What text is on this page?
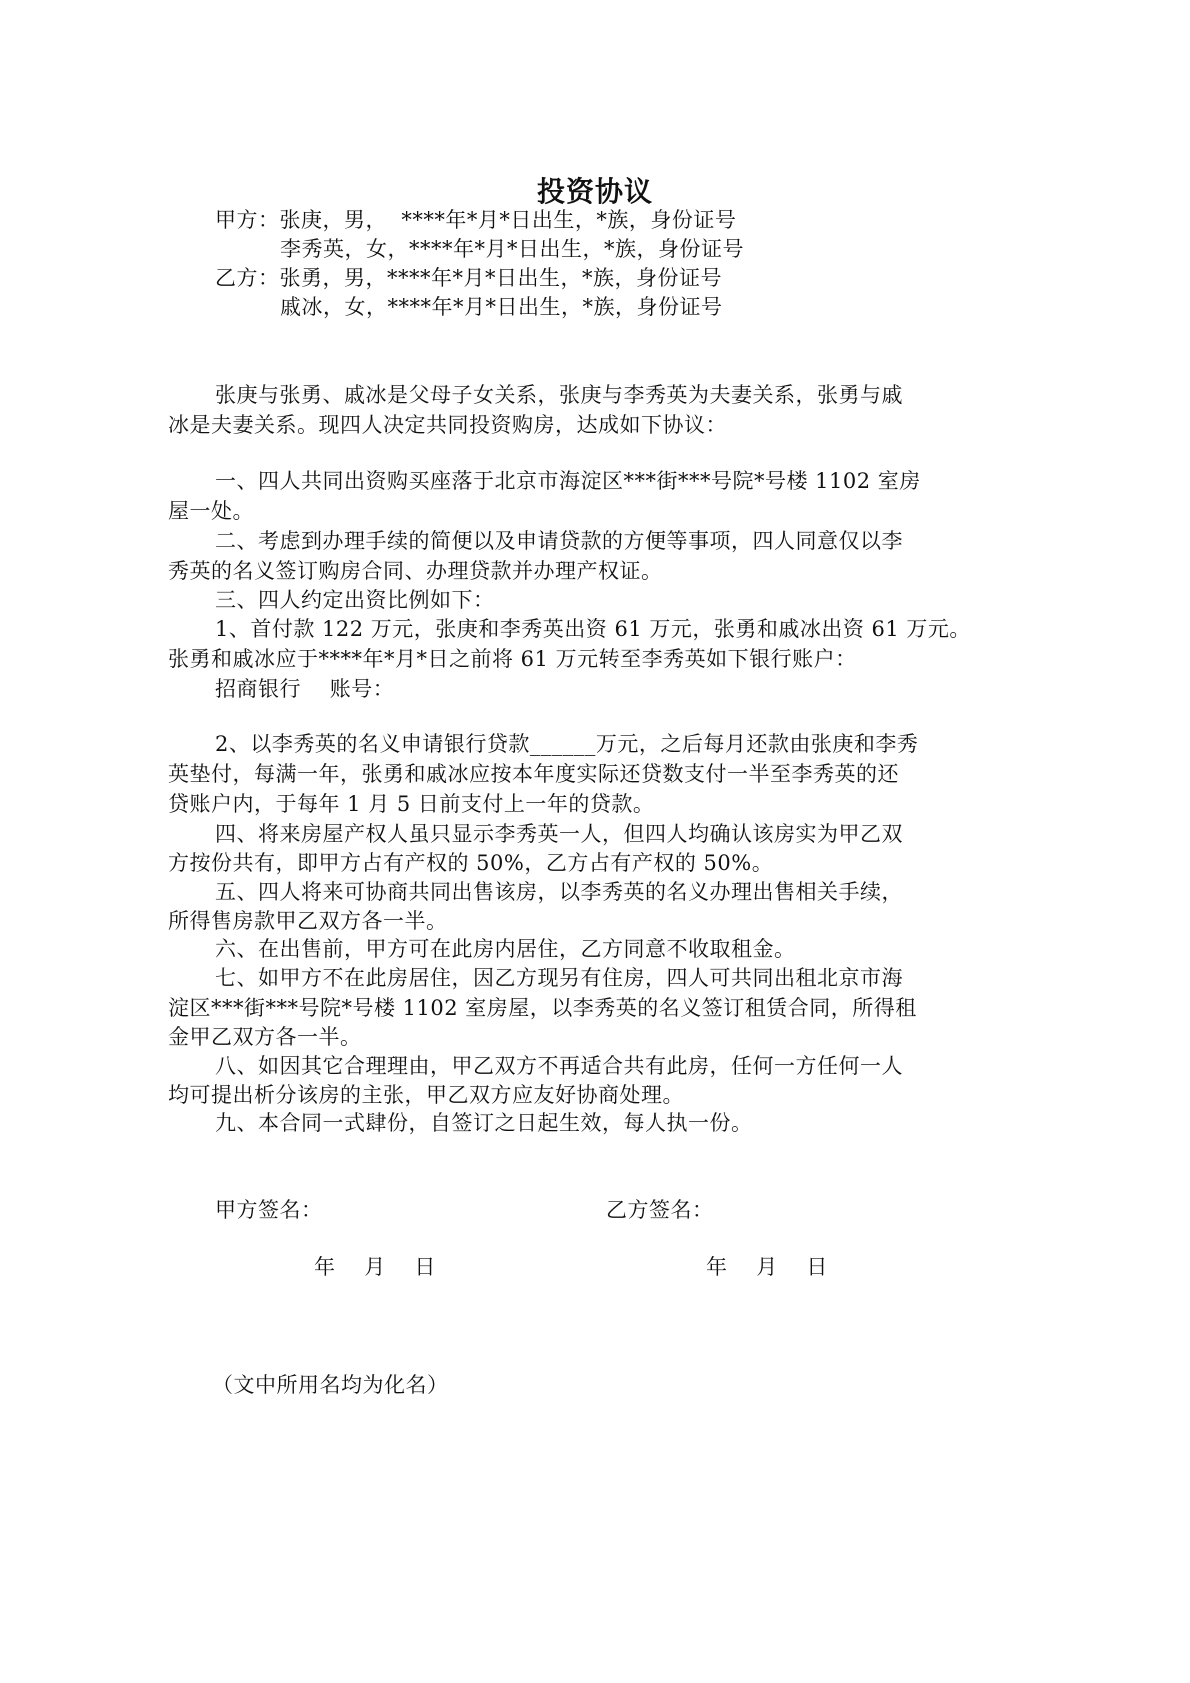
投资协议
甲方：张庚，男，  ****年*月*日出生，*族，身份证号
李秀英，女，****年*月*日出生，*族，身份证号
乙方：张勇，男，****年*月*日出生，*族，身份证号
戚冰，女，****年*月*日出生，*族，身份证号
张庚与张勇、戚冰是父母子女关系，张庚与李秀英为夫妻关系，张勇与戚
冰是夫妻关系。现四人决定共同投资购房，达成如下协议：
一、四人共同出资购买座落于北京市海淀区***街***号院*号楼 1102 室房
屋一处。
二、考虑到办理手续的简便以及申请贷款的方便等事项，四人同意仅以李
秀英的名义签订购房合同、办理贷款并办理产权证。
三、四人约定出资比例如下：
1、首付款 122 万元，张庚和李秀英出资 61 万元，张勇和戚冰出资 61 万元。
张勇和戚冰应于****年*月*日之前将 61 万元转至李秀英如下银行账户：
招商银行    账号：
2、以李秀英的名义申请银行贷款______万元，之后每月还款由张庚和李秀
英垫付，每满一年，张勇和戚冰应按本年度实际还贷数支付一半至李秀英的还
贷账户内，于每年 1 月 5 日前支付上一年的贷款。
四、将来房屋产权人虽只显示李秀英一人，但四人均确认该房实为甲乙双
方按份共有，即甲方占有产权的 50%，乙方占有产权的 50%。
五、四人将来可协商共同出售该房，以李秀英的名义办理出售相关手续，
所得售房款甲乙双方各一半。
六、在出售前，甲方可在此房内居住，乙方同意不收取租金。
七、如甲方不在此房居住，因乙方现另有住房，四人可共同出租北京市海
淀区***街***号院*号楼 1102 室房屋，以李秀英的名义签订租赁合同，所得租
金甲乙双方各一半。
八、如因其它合理理由，甲乙双方不再适合共有此房，任何一方任何一人
均可提出析分该房的主张，甲乙双方应友好协商处理。
九、本合同一式肆份，自签订之日起生效，每人执一份。
甲方签名：	乙方签名：
年    月    日	年    月    日
（文中所用名均为化名）
